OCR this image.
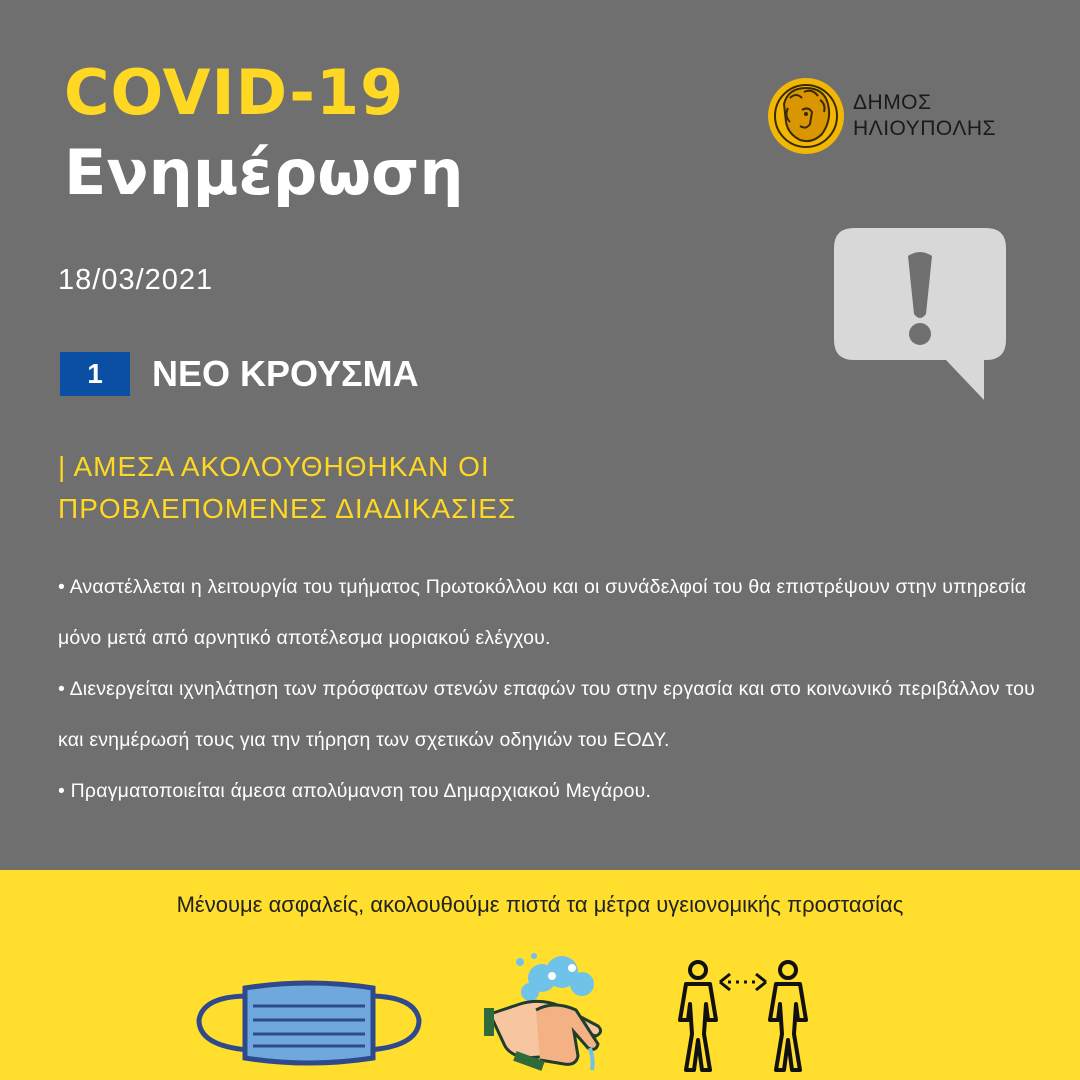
COVID-19
Ενημέρωση
18/03/2021
ΔΗΜΟΣ
ΗΛΙΟΥΠΟΛΗΣ
1	ΝΕΟ ΚΡΟΥΣΜΑ
| ΑΜΕΣΑ ΑΚΟΛΟΥΘΗΘΗΚΑΝ ΟΙ ΠΡΟΒΛΕΠΟΜΕΝΕΣ ΔΙΑΔΙΚΑΣΙΕΣ

• Αναστέλλεται η λειτουργία του τμήματος Πρωτοκόλλου και οι συνάδελφοί του θα επιστρέψουν στην υπηρεσία μόνο μετά από αρνητικό αποτέλεσμα μοριακού ελέγχου.

• Διενεργείται ιχνηλάτηση των πρόσφατων στενών επαφών του στην εργασία και στο κοινωνικό περιβάλλον του και ενημέρωσή τους για την τήρηση των σχετικών οδηγιών του ΕΟΔΥ.

• Πραγματοποιείται άμεσα απολύμανση του Δημαρχιακού Μεγάρου.

Μένουμε ασφαλείς, ακολουθούμε πιστά τα μέτρα υγειονομικής προστασίας
